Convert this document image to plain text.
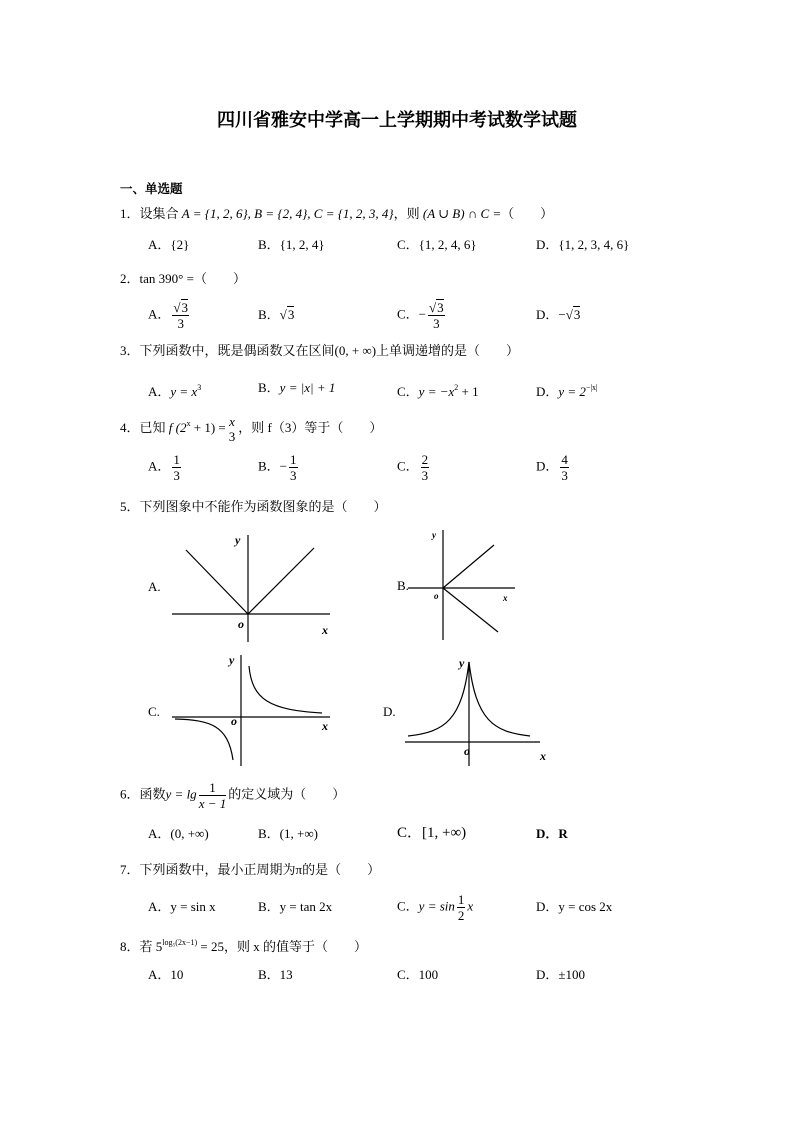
四川省雅安中学高一上学期期中考试数学试题
一、单选题
1．设集合 A = {1, 2, 6}, B = {2, 4}, C = {1, 2, 3, 4}，则 (A ∪ B) ∩ C =（　　）
A．{2}	B．{1, 2, 4}	C．{1, 2, 4, 6}	D．{1, 2, 3, 4, 6}
2．tan 390° =（　　）
A． $\frac{√3}{3}$	B．√3	C．− $\frac{√3}{3}$	D．−√3
3．下列函数中，既是偶函数又在区间(0, + ∞)上单调递增的是（　　）
A．$y = x^3$	B．y = |x| + 1	C．$y = -x^2 + 1$	D．$y = 2^{-|x|}$
4．已知 f $(2^x + 1) = x$
3
，则 f（3）等于（　　）
A． $\frac{1}{3}$	B．− $\frac{1}{3}$	C． $\frac{2}{3}$	D． $\frac{4}{3}$
5．下列图象中不能作为函数图象的是（　　）
A.	B.
C.	D.
y
o	x
y
o	x
y
o	x
y
o	x
6．函数$y = \lg \frac{1}{x - 1}$ 的定义域为（　　）
A．(0, +∞)	B．(1, +∞)	C．[1, +∞)	D．R
7．下列函数中，最小正周期为π的是（　　）
A．y = sin x	B．y = tan 2x	C．$y = \sin \frac{1}{2}$ x	D．y = cos 2x
8．若 $5^{log_5(2x-1)} = 25$，则 x 的值等于（　　）
A．10	B．13	C．100	D．±100
